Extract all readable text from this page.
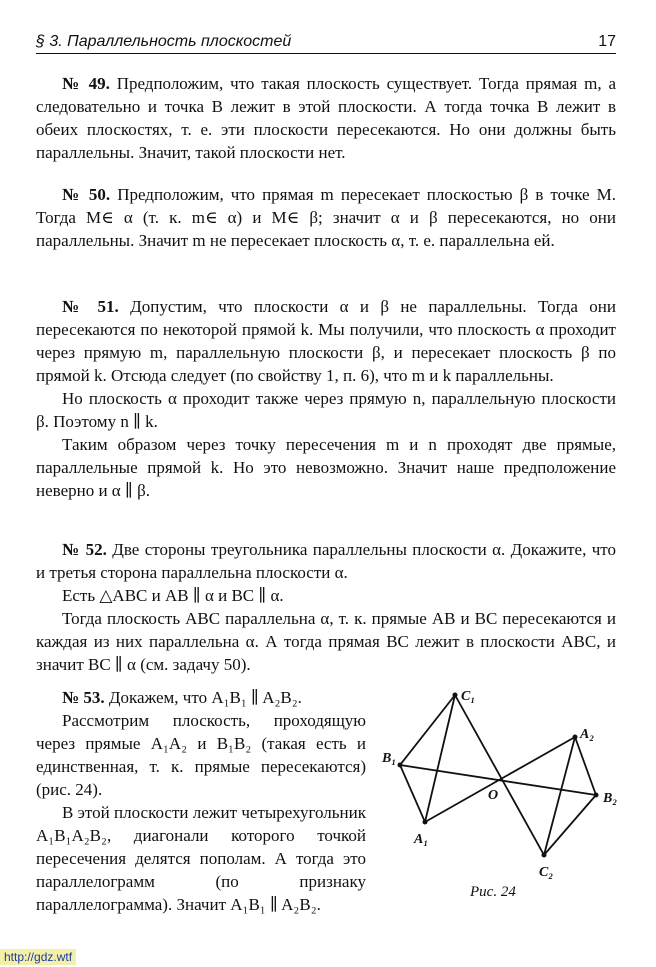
§ 3. Параллельность плоскостей	17

№ 49. Предположим, что такая плоскость существует. Тогда прямая m, а следовательно и точка B лежит в этой плоскости. А тогда точка B лежит в обеих плоскостях, т. е. эти плоскости пересекаются. Но они должны быть параллельны. Значит, такой плоскости нет.

№ 50. Предположим, что прямая m пересекает плоскостью β в точке M. Тогда M∈ α (т. к. m∈ α) и M∈ β; значит α и β пересекаются, но они параллельны. Значит m не пересекает плоскость α, т. е. параллельна ей.

№ 51. Допустим, что плоскости α и β не параллельны. Тогда они пересекаются по некоторой прямой k. Мы получили, что плоскость α проходит через прямую m, параллельную плоскости β, и пересекает плоскость β по прямой k. Отсюда следует (по свойству 1, п. 6), что m и k параллельны.

Но плоскость α проходит также через прямую n, параллельную плоскости β. Поэтому n ∥ k.

Таким образом через точку пересечения m и n проходят две прямые, параллельные прямой k. Но это невозможно. Значит наше предположение неверно и α ∥ β.

№ 52. Две стороны треугольника параллельны плоскости α. Докажите, что и третья сторона параллельна плоскости α.

Есть △ABC и AB ∥ α и BC ∥ α.

Тогда плоскость ABC параллельна α, т. к. прямые AB и BC пересекаются и каждая из них параллельна α. А тогда прямая BC лежит в плоскости ABC, и значит BC ∥ α (см. задачу 50).

№ 53. Докажем, что A₁B₁ ∥ A₂B₂.

Рассмотрим плоскость, проходящую через прямые A₁A₂ и B₁B₂ (такая есть и единственная, т. к. прямые пересекаются) (рис. 24).

В этой плоскости лежит четырехугольник A₁B₁A₂B₂, диагонали которого точкой пересечения делятся пополам. А тогда это параллелограмм (по признаку параллелограмма). Значит A₁B₁ ∥ A₂B₂.

C₁
A₂
B₁
O	B₂
A₁
C₂
Рис. 24
http://gdz.wtf
